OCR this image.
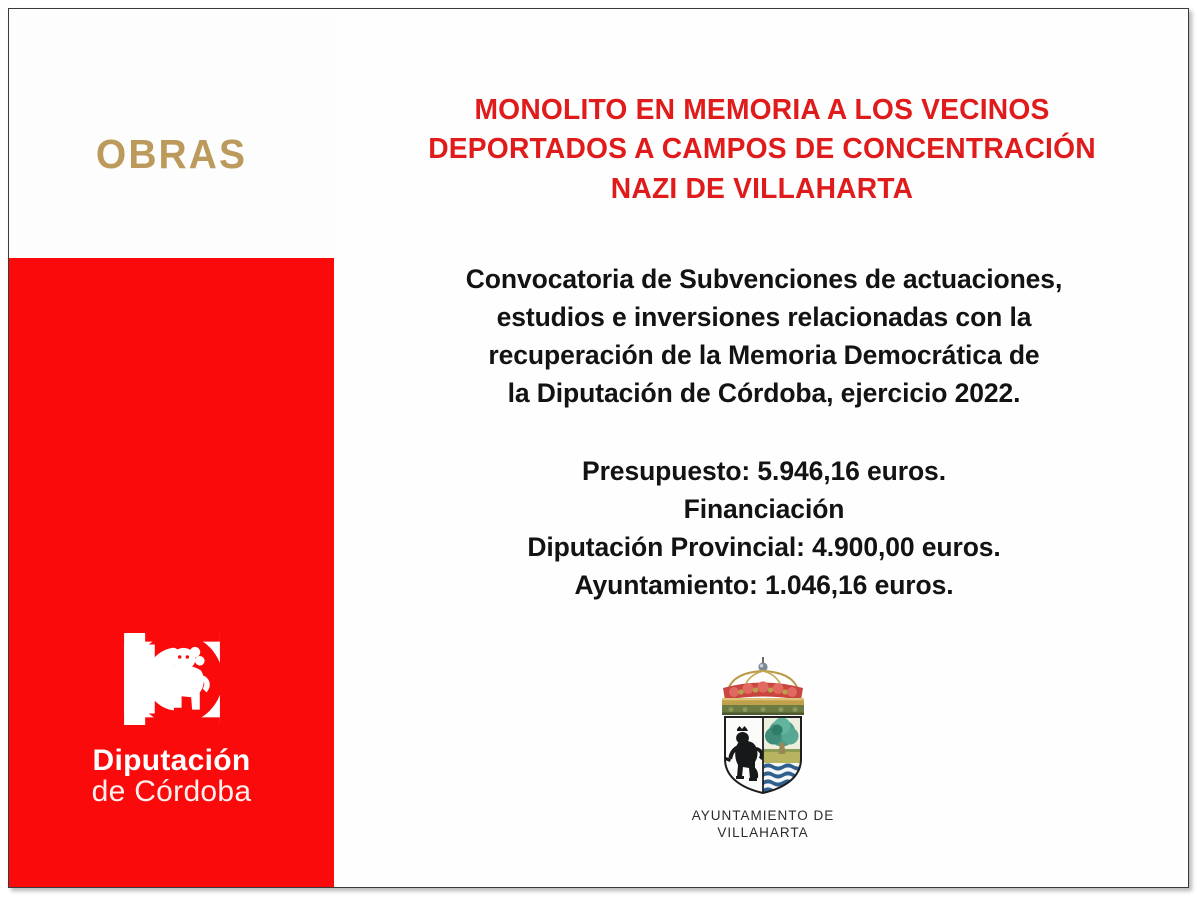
OBRAS
Diputación
de Córdoba
MONOLITO EN MEMORIA A LOS VECINOS
DEPORTADOS A CAMPOS DE CONCENTRACIÓN
NAZI DE VILLAHARTA
Convocatoria de Subvenciones de actuaciones,
estudios e inversiones relacionadas con la
recuperación de la Memoria Democrática de
la Diputación de Córdoba, ejercicio 2022.
Presupuesto: 5.946,16 euros.
Financiación
Diputación Provincial: 4.900,00 euros.
Ayuntamiento: 1.046,16 euros.
AYUNTAMIENTO DE
VILLAHARTA
